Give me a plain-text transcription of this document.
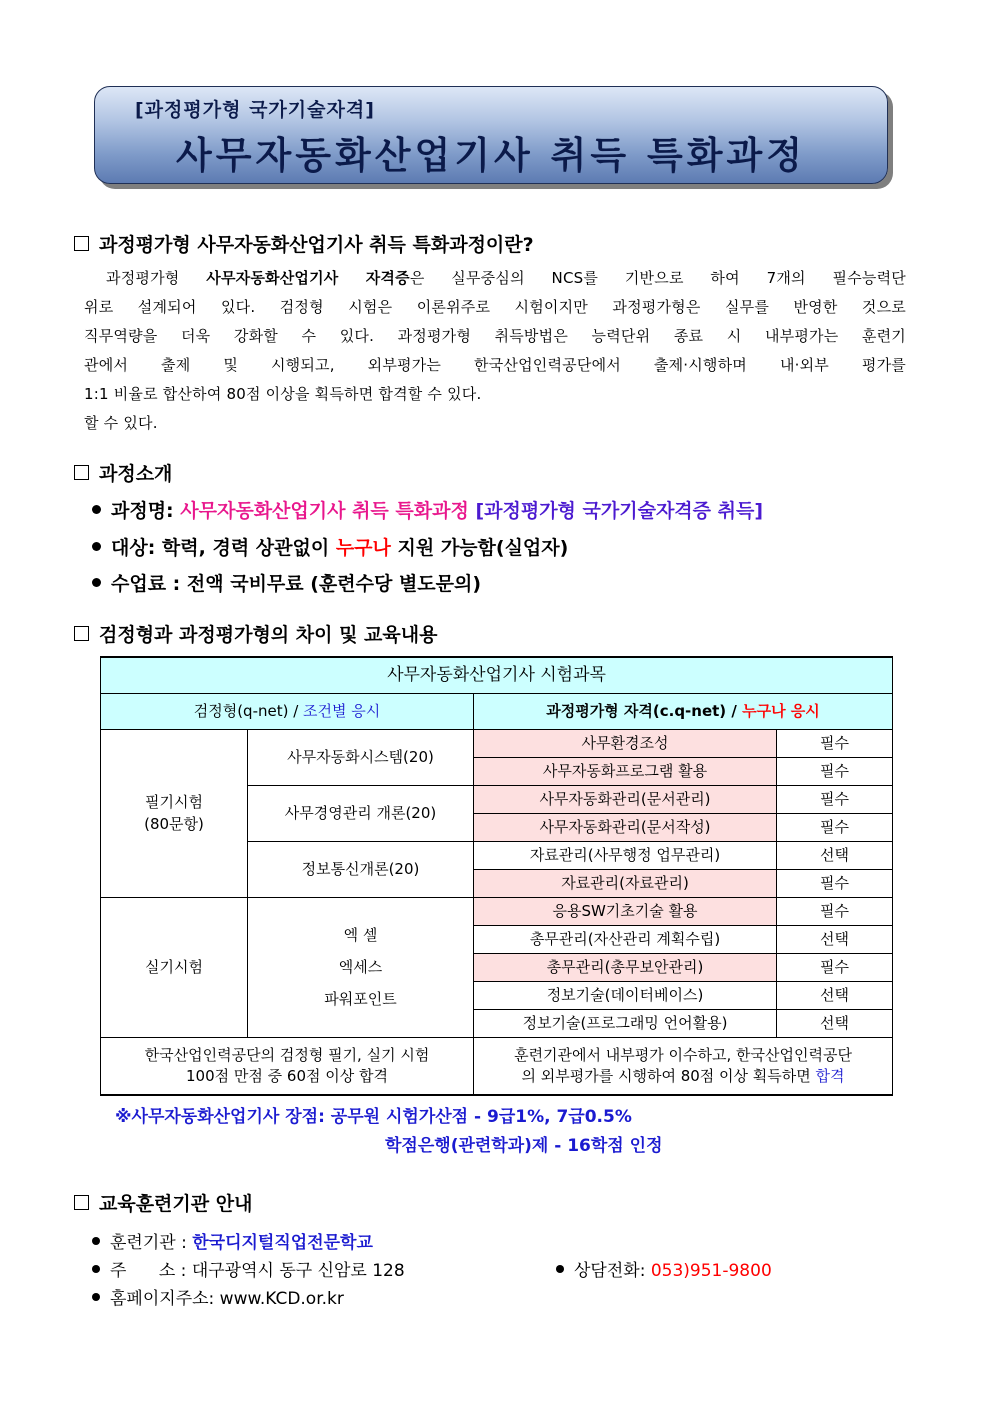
[과정평가형 국가기술자격]
사무자동화산업기사 취득 특화과정
과정평가형 사무자동화산업기사 취득 특화과정이란?
과정평가형 사무자동화산업기사 자격증은 실무중심의 NCS를 기반으로 하여 7개의 필수능력단
위로 설계되어 있다. 검정형 시험은 이론위주로 시험이지만 과정평가형은 실무를 반영한 것으로
직무역량을 더욱 강화할 수 있다. 과정평가형 취득방법은 능력단위 종료 시 내부평가는 훈련기
관에서 출제 및 시행되고, 외부평가는 한국산업인력공단에서 출제·시행하며 내·외부 평가를
1:1 비율로 합산하여 80점 이상을 획득하면 합격할 수 있다.
할 수 있다.
과정소개
과정명: 사무자동화산업기사 취득 특화과정 [과정평가형 국가기술자격증 취득]
대상: 학력, 경력 상관없이 누구나 지원 가능함(실업자)
수업료 : 전액 국비무료 (훈련수당 별도문의)
검정형과 과정평가형의 차이 및 교육내용
사무자동화산업기사 시험과목			
검정형(q-net) / 조건별 응시		과정평가형 자격(c.q-net) / 누구나 응시	
필기시험
(80문항)	사무자동화시스템(20)	사무환경조성	필수
		사무자동화프로그램 활용	필수
	사무경영관리 개론(20)	사무자동화관리(문서관리)	필수
		사무자동화관리(문서작성)	필수
	정보통신개론(20)	자료관리(사무행정 업무관리)	선택
		자료관리(자료관리)	필수
실기시험	엑 셀
엑세스
파워포인트	응용SW기초기술 활용	필수
		총무관리(자산관리 계획수립)	선택
		총무관리(총무보안관리)	필수
		정보기술(데이터베이스)	선택
		정보기술(프로그래밍 언어활용)	선택
한국산업인력공단의 검정형 필기, 실기 시험
100점 만점 중 60점 이상 합격		훈련기관에서 내부평가 이수하고, 한국산업인력공단
의 외부평가를 시행하여 80점 이상 획득하면 합격	
※사무자동화산업기사 장점: 공무원 시험가산점 - 9급1%, 7급0.5%
학점은행(관련학과)제 - 16학점 인정
교육훈련기관 안내
훈련기관 : 한국디지털직업전문학교
주      소 : 대구광역시 동구 신암로 128	상담전화: 053)951-9800
홈페이지주소: www.KCD.or.kr
